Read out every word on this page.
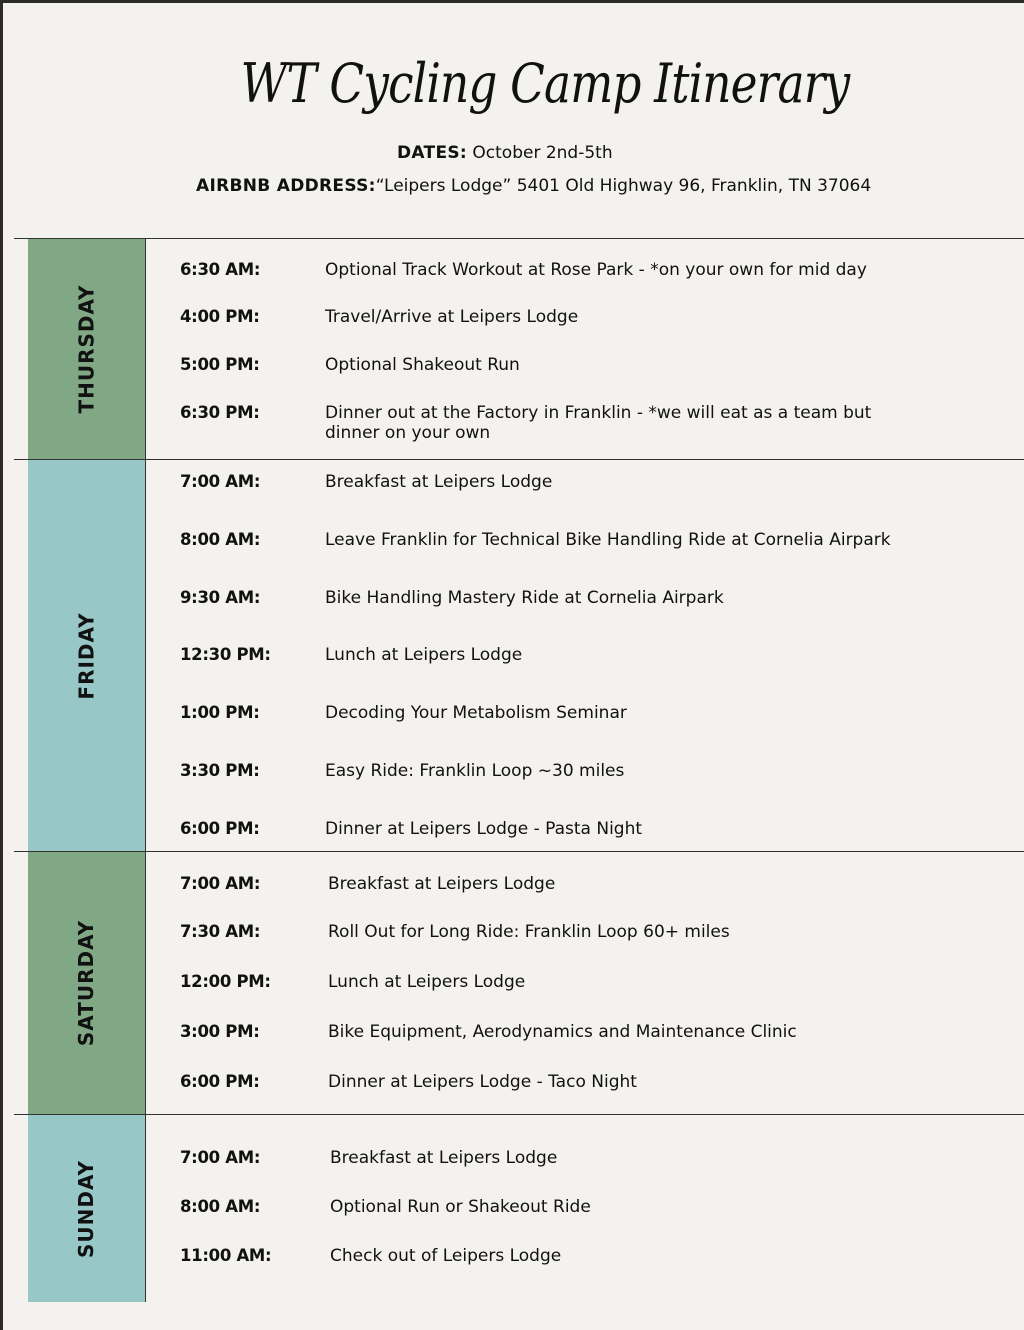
WT Cycling Camp Itinerary
DATES: October 2nd-5th
AIRBNB ADDRESS:“Leipers Lodge” 5401 Old Highway 96, Franklin, TN 37064
THURSDAY
6:30 AM:	Optional Track Workout at Rose Park - *on your own for mid day
4:00 PM:	Travel/Arrive at Leipers Lodge
5:00 PM:	Optional Shakeout Run
6:30 PM:	Dinner out at the Factory in Franklin - *we will eat as a team but dinner on your own
FRIDAY
7:00 AM:	Breakfast at Leipers Lodge
8:00 AM:	Leave Franklin for Technical Bike Handling Ride at Cornelia Airpark
9:30 AM:	Bike Handling Mastery Ride at Cornelia Airpark
12:30 PM:	Lunch at Leipers Lodge
1:00 PM:	Decoding Your Metabolism Seminar
3:30 PM:	Easy Ride: Franklin Loop ~30 miles
6:00 PM:	Dinner at Leipers Lodge - Pasta Night
SATURDAY
7:00 AM:	Breakfast at Leipers Lodge
7:30 AM:	Roll Out for Long Ride: Franklin Loop 60+ miles
12:00 PM:	Lunch at Leipers Lodge
3:00 PM:	Bike Equipment, Aerodynamics and Maintenance Clinic
6:00 PM:	Dinner at Leipers Lodge - Taco Night
SUNDAY
7:00 AM:	Breakfast at Leipers Lodge
8:00 AM:	Optional Run or Shakeout Ride
11:00 AM:	Check out of Leipers Lodge
